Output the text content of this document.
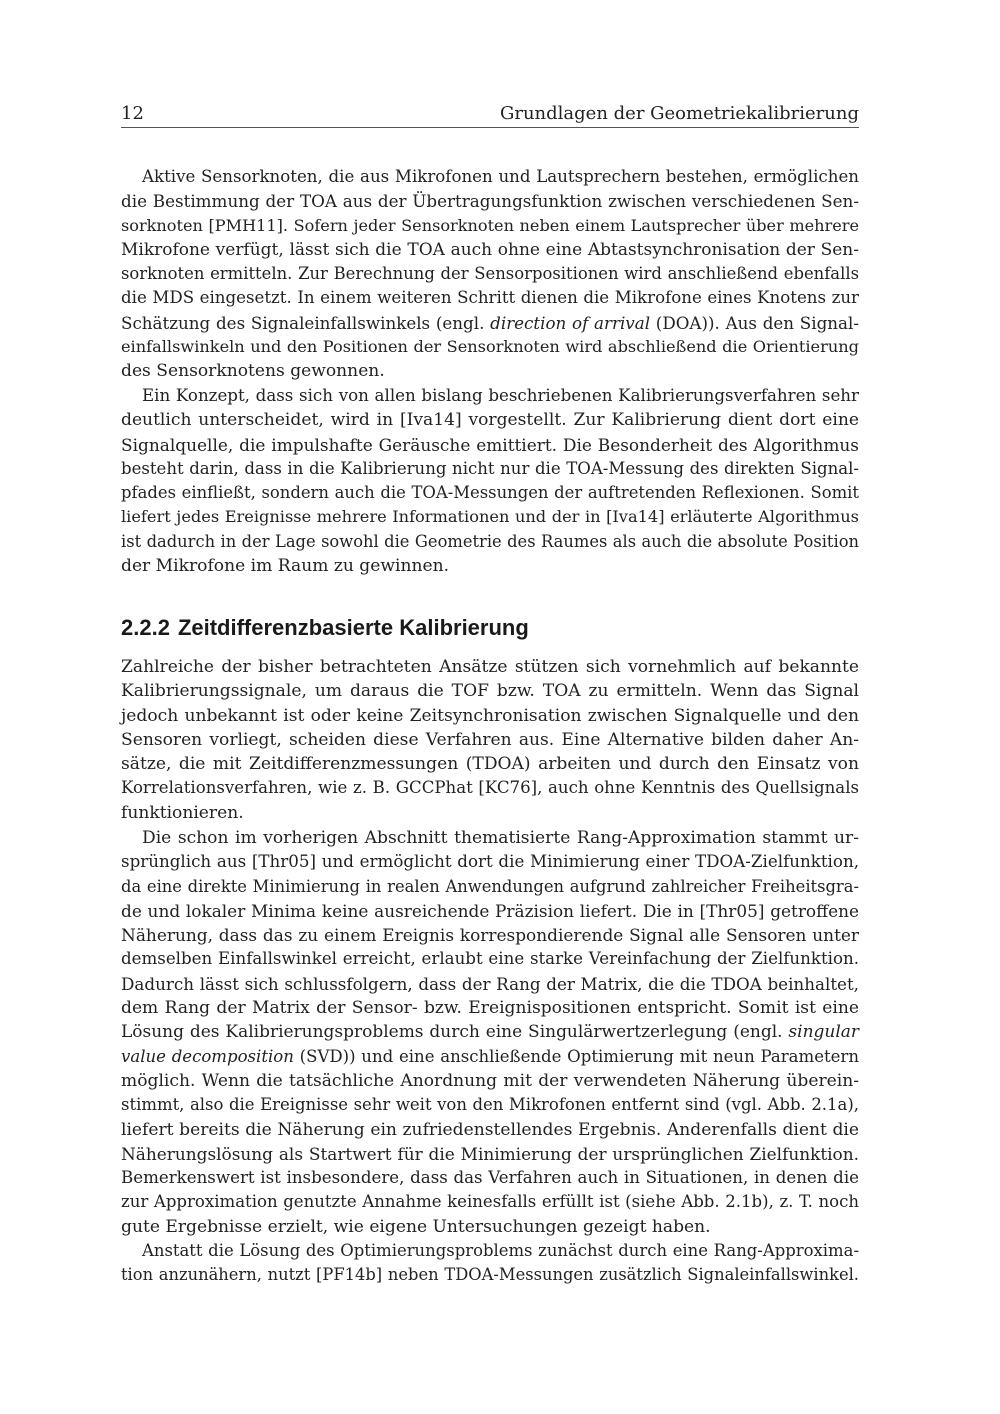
12	Grundlagen der Geometriekalibrierung
Aktive Sensorknoten, die aus Mikrofonen und Lautsprechern bestehen, ermöglichen
die Bestimmung der TOA aus der Übertragungsfunktion zwischen verschiedenen Sen-
sorknoten [PMH11]. Sofern jeder Sensorknoten neben einem Lautsprecher über mehrere
Mikrofone verfügt, lässt sich die TOA auch ohne eine Abtastsynchronisation der Sen-
sorknoten ermitteln. Zur Berechnung der Sensorpositionen wird anschließend ebenfalls
die MDS eingesetzt. In einem weiteren Schritt dienen die Mikrofone eines Knotens zur
Schätzung des Signaleinfallswinkels (engl. direction of arrival (DOA)). Aus den Signal-
einfallswinkeln und den Positionen der Sensorknoten wird abschließend die Orientierung
des Sensorknotens gewonnen.
Ein Konzept, dass sich von allen bislang beschriebenen Kalibrierungsverfahren sehr
deutlich unterscheidet, wird in [Iva14] vorgestellt. Zur Kalibrierung dient dort eine
Signalquelle, die impulshafte Geräusche emittiert. Die Besonderheit des Algorithmus
besteht darin, dass in die Kalibrierung nicht nur die TOA-Messung des direkten Signal-
pfades einfließt, sondern auch die TOA-Messungen der auftretenden Reflexionen. Somit
liefert jedes Ereignisse mehrere Informationen und der in [Iva14] erläuterte Algorithmus
ist dadurch in der Lage sowohl die Geometrie des Raumes als auch die absolute Position
der Mikrofone im Raum zu gewinnen.
2.2.2 Zeitdifferenzbasierte Kalibrierung
Zahlreiche der bisher betrachteten Ansätze stützen sich vornehmlich auf bekannte
Kalibrierungssignale, um daraus die TOF bzw. TOA zu ermitteln. Wenn das Signal
jedoch unbekannt ist oder keine Zeitsynchronisation zwischen Signalquelle und den
Sensoren vorliegt, scheiden diese Verfahren aus. Eine Alternative bilden daher An-
sätze, die mit Zeitdifferenzmessungen (TDOA) arbeiten und durch den Einsatz von
Korrelationsverfahren, wie z. B. GCCPhat [KC76], auch ohne Kenntnis des Quellsignals
funktionieren.
Die schon im vorherigen Abschnitt thematisierte Rang-Approximation stammt ur-
sprünglich aus [Thr05] und ermöglicht dort die Minimierung einer TDOA-Zielfunktion,
da eine direkte Minimierung in realen Anwendungen aufgrund zahlreicher Freiheitsgra-
de und lokaler Minima keine ausreichende Präzision liefert. Die in [Thr05] getroffene
Näherung, dass das zu einem Ereignis korrespondierende Signal alle Sensoren unter
demselben Einfallswinkel erreicht, erlaubt eine starke Vereinfachung der Zielfunktion.
Dadurch lässt sich schlussfolgern, dass der Rang der Matrix, die die TDOA beinhaltet,
dem Rang der Matrix der Sensor- bzw. Ereignispositionen entspricht. Somit ist eine
Lösung des Kalibrierungsproblems durch eine Singulärwertzerlegung (engl. singular
value decomposition (SVD)) und eine anschließende Optimierung mit neun Parametern
möglich. Wenn die tatsächliche Anordnung mit der verwendeten Näherung überein-
stimmt, also die Ereignisse sehr weit von den Mikrofonen entfernt sind (vgl. Abb. 2.1a),
liefert bereits die Näherung ein zufriedenstellendes Ergebnis. Anderenfalls dient die
Näherungslösung als Startwert für die Minimierung der ursprünglichen Zielfunktion.
Bemerkenswert ist insbesondere, dass das Verfahren auch in Situationen, in denen die
zur Approximation genutzte Annahme keinesfalls erfüllt ist (siehe Abb. 2.1b), z. T. noch
gute Ergebnisse erzielt, wie eigene Untersuchungen gezeigt haben.
Anstatt die Lösung des Optimierungsproblems zunächst durch eine Rang-Approxima-
tion anzunähern, nutzt [PF14b] neben TDOA-Messungen zusätzlich Signaleinfallswinkel.
